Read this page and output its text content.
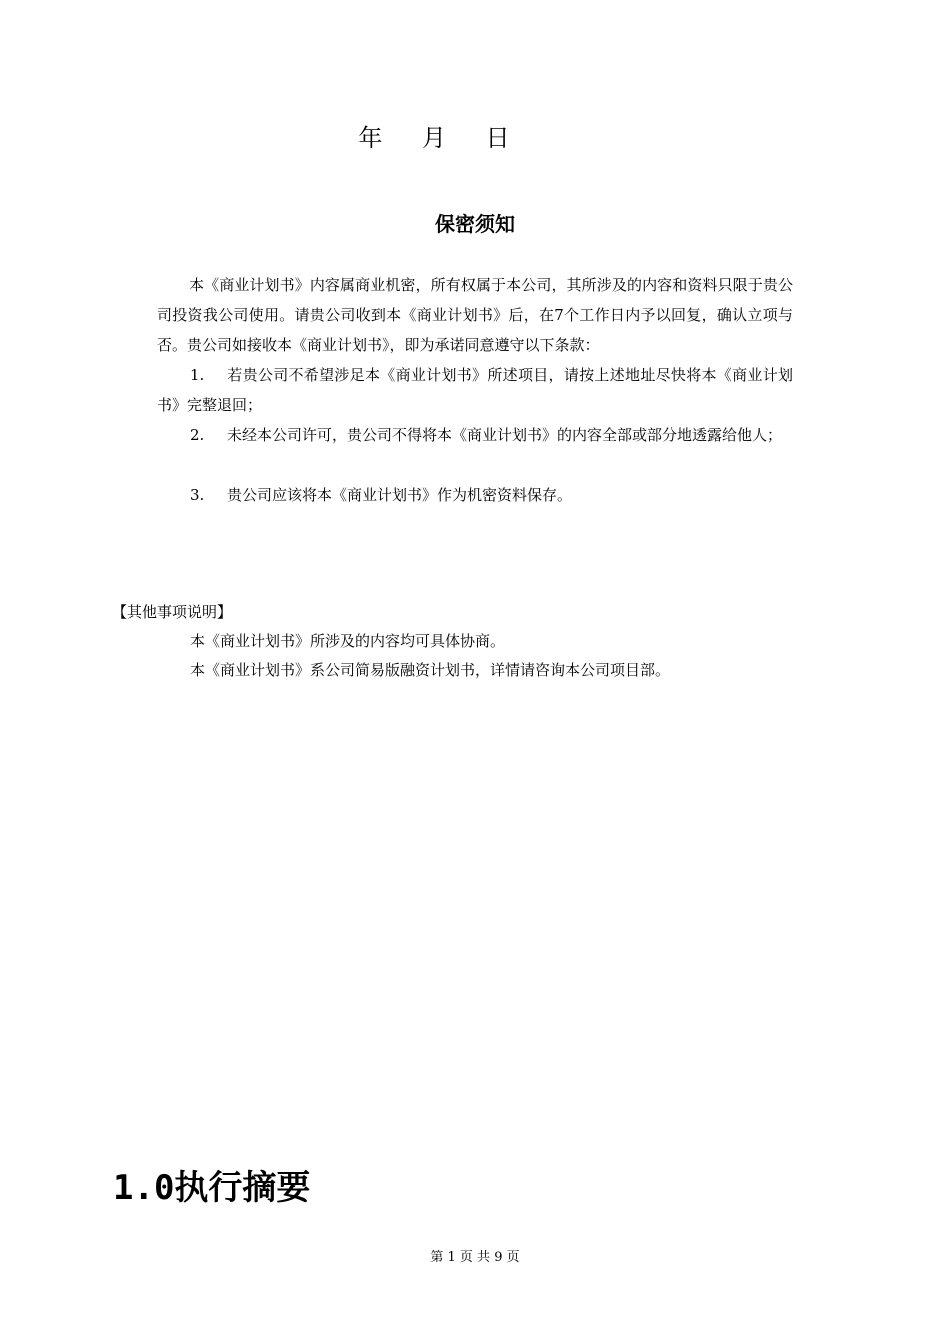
年 月 日
保密须知
本《商业计划书》内容属商业机密，所有权属于本公司，其所涉及的内容和资料只限于贵公司投资我公司使用。请贵公司收到本《商业计划书》后，在7个工作日内予以回复，确认立项与否。贵公司如接收本《商业计划书》，即为承诺同意遵守以下条款：
1. 若贵公司不希望涉足本《商业计划书》所述项目，请按上述地址尽快将本《商业计划书》完整退回；
2. 未经本公司许可，贵公司不得将本《商业计划书》的内容全部或部分地透露给他人；
3. 贵公司应该将本《商业计划书》作为机密资料保存。
【其他事项说明】
本《商业计划书》所涉及的内容均可具体协商。
本《商业计划书》系公司简易版融资计划书，详情请咨询本公司项目部。
1.0执行摘要
第 1 页 共 9 页
